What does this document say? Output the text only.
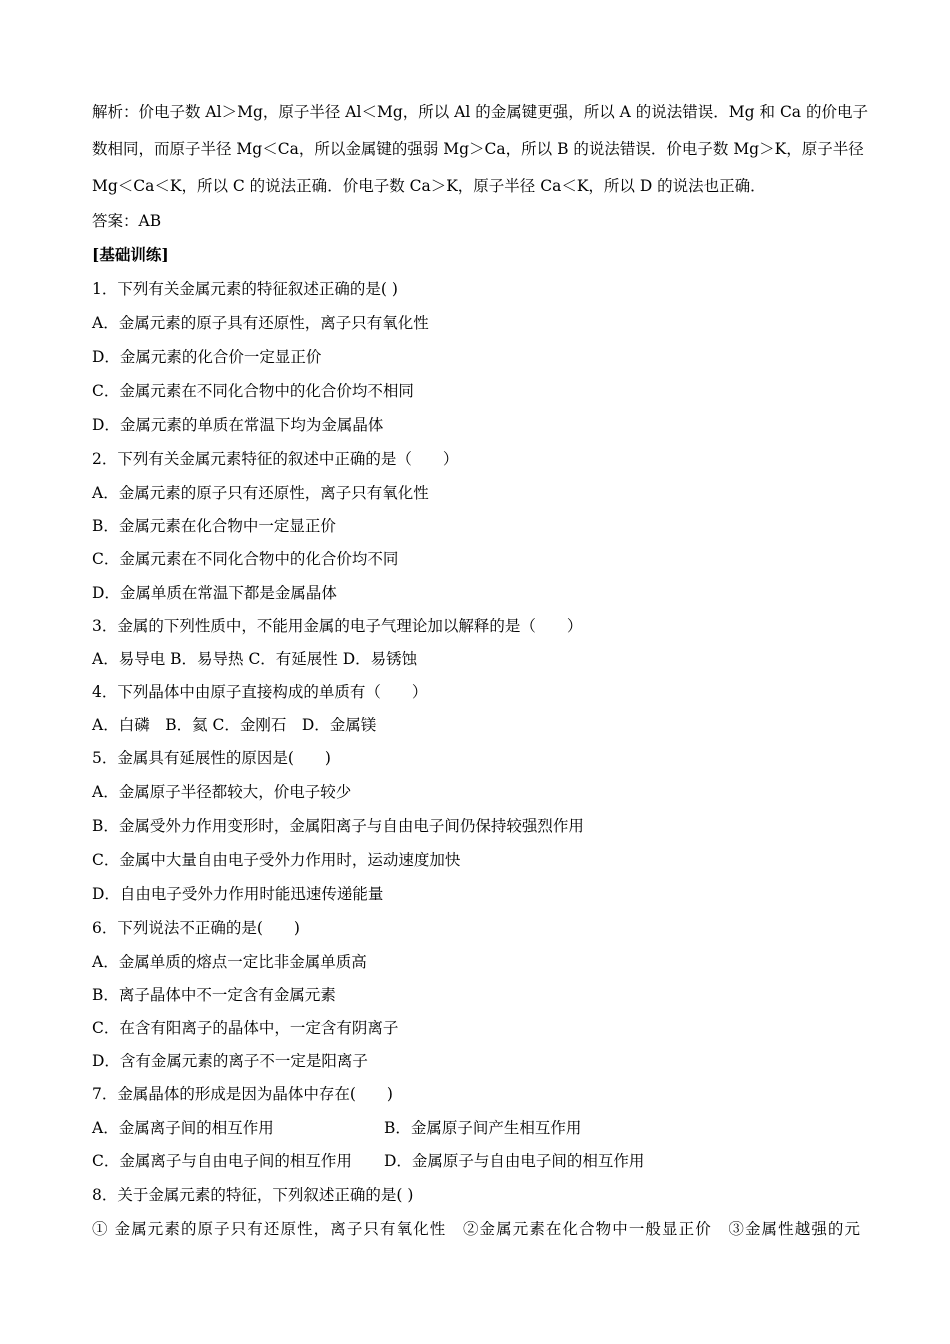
解析：价电子数 Al＞Mg，原子半径 Al＜Mg，所以 Al 的金属键更强，所以 A 的说法错误．Mg 和 Ca 的价电子
数相同，而原子半径 Mg＜Ca，所以金属键的强弱 Mg＞Ca，所以 B 的说法错误．价电子数 Mg＞K，原子半径
Mg＜Ca＜K，所以 C 的说法正确．价电子数 Ca＞K，原子半径 Ca＜K，所以 D 的说法也正确．
答案：AB
[基础训练]
1．下列有关金属元素的特征叙述正确的是( )
A．金属元素的原子具有还原性，离子只有氧化性
D．金属元素的化合价一定显正价
C．金属元素在不同化合物中的化合价均不相同
D．金属元素的单质在常温下均为金属晶体
2．下列有关金属元素特征的叙述中正确的是（　　）
A．金属元素的原子只有还原性，离子只有氧化性
B．金属元素在化合物中一定显正价
C．金属元素在不同化合物中的化合价均不同
D．金属单质在常温下都是金属晶体
3．金属的下列性质中，不能用金属的电子气理论加以解释的是（　　）
A．易导电 B．易导热 C．有延展性 D．易锈蚀
4．下列晶体中由原子直接构成的单质有（　　）
A．白磷　B．氦 C．金刚石　D．金属镁
5．金属具有延展性的原因是(　　)
A．金属原子半径都较大，价电子较少
B．金属受外力作用变形时，金属阳离子与自由电子间仍保持较强烈作用
C．金属中大量自由电子受外力作用时，运动速度加快
D．自由电子受外力作用时能迅速传递能量
6．下列说法不正确的是(　　)
A．金属单质的熔点一定比非金属单质高
B．离子晶体中不一定含有金属元素
C．在含有阳离子的晶体中，一定含有阴离子
D．含有金属元素的离子不一定是阳离子
7．金属晶体的形成是因为晶体中存在(　　)
A．金属离子间的相互作用	B．金属原子间产生相互作用
C．金属离子与自由电子间的相互作用 D．金属原子与自由电子间的相互作用
8．关于金属元素的特征，下列叙述正确的是( )
① 金属元素的原子只有还原性，离子只有氧化性　②金属元素在化合物中一般显正价　③金属性越强的元
